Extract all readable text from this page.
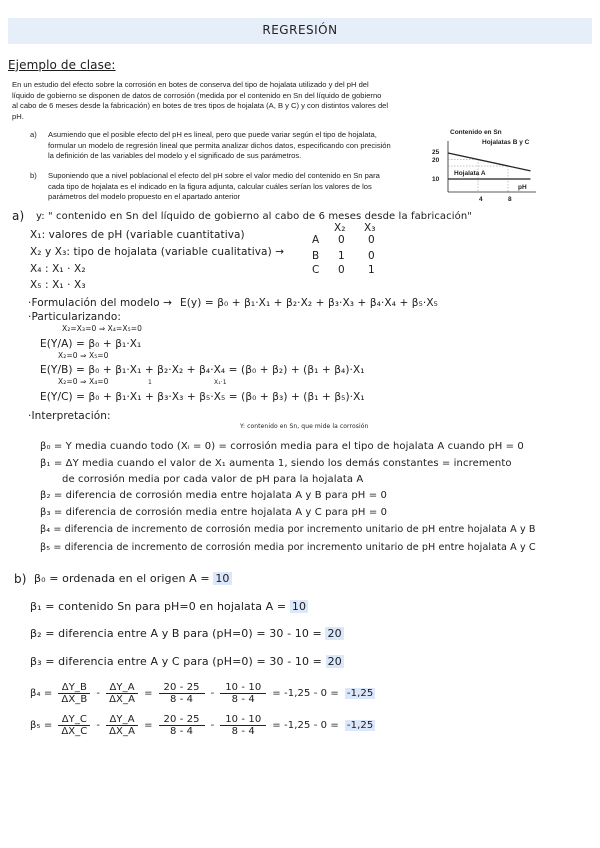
REGRESIÓN
Ejemplo de clase:
En un estudio del efecto sobre la corrosión en botes de conserva del tipo de hojalata utilizado y del pH del
líquido de gobierno se disponen de datos de corrosión (medida por el contenido en Sn del líquido de gobierno
al cabo de 6 meses desde la fabricación) en botes de tres tipos de hojalata (A, B y C) y con distintos valores del
pH.
a) Asumiendo que el posible efecto del pH es lineal, pero que puede variar según el tipo de hojalata,
formular un modelo de regresión lineal que permita analizar dichos datos, especificando con precisión
la definición de las variables del modelo y el significado de sus parámetros.
b) Suponiendo que a nivel poblacional el efecto del pH sobre el valor medio del contenido en Sn para
cada tipo de hojalata es el indicado en la figura adjunta, calcular cuáles serían los valores de los
parámetros del modelo propuesto en el apartado anterior
Contenido en Sn
Hojalatas B y C
Hojalata A
25
20
10
pH
4	8
a) y: " contenido en Sn del líquido de gobierno al cabo de 6 meses desde la fabricación"
X₁: valores de pH (variable cuantitativa)
X₂ y X₃: tipo de hojalata (variable cualitativa) →
X₄ : X₁ · X₂
X₅ : X₁ · X₃
X₂ X₃
A 0 0
B 1 0
C 0 1
·Formulación del modelo → E(y) = β₀ + β₁·X₁ + β₂·X₂ + β₃·X₃ + β₄·X₄ + β₅·X₅
·Particularizando:
X₂=X₃=0 ⇒ X₄=X₅=0
E(Y/A) = β₀ + β₁·X₁
X₂=0 ⇒ X₅=0
E(Y/B) = β₀ + β₁·X₁ + β₂·X₂ + β₄·X₄ = (β₀ + β₂) + (β₁ + β₄)·X₁
X₂=0 ⇒ X₄=0	1	X₁·1
E(Y/C) = β₀ + β₁·X₁ + β₃·X₃ + β₅·X₅ = (β₀ + β₃) + (β₁ + β₅)·X₁
·Interpretación:
Y: contenido en Sn, que mide la corrosión
β₀ = Y media cuando todo (Xᵢ = 0) = corrosión media para el tipo de hojalata A cuando pH = 0
β₁ = ΔY media cuando el valor de X₁ aumenta 1, siendo los demás constantes = incremento
de corrosión media por cada valor de pH para la hojalata A
β₂ = diferencia de corrosión media entre hojalata A y B para pH = 0
β₃ = diferencia de corrosión media entre hojalata A y C para pH = 0
β₄ = diferencia de incremento de corrosión media por incremento unitario de pH entre hojalata A y B
β₅ = diferencia de incremento de corrosión media por incremento unitario de pH entre hojalata A y C
b) β₀ = ordenada en el origen A = 10
β₁ = contenido Sn para pH=0 en hojalata A = 10
β₂ = diferencia entre A y B para (pH=0) = 30 - 10 = 20
β₃ = diferencia entre A y C para (pH=0) = 30 - 10 = 20
β₄ =
ΔY_B
ΔX_B
-
ΔY_A
ΔX_A
=
20 - 25
8 - 4
-
10 - 10
8 - 4
= -1,25 - 0 = -1,25
β₅ =
ΔY_C
ΔX_C
-
ΔY_A
ΔX_A
=
20 - 25
8 - 4
-
10 - 10
8 - 4
= -1,25 - 0 = -1,25
